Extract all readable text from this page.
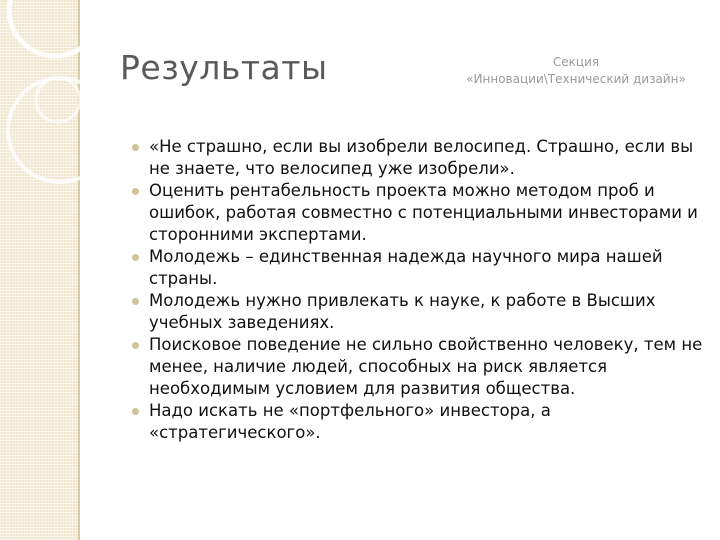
Результаты	Секция
«Инновации\Технический дизайн»
«Не страшно, если вы изобрели велосипед. Страшно, если вы не знаете, что велосипед уже изобрели».
Оценить рентабельность проекта можно методом проб и ошибок, работая совместно с потенциальными инвесторами и сторонними экспертами.
Молодежь – единственная надежда научного мира нашей страны.
Молодежь нужно привлекать к науке, к работе в Высших учебных заведениях.
Поисковое поведение не сильно свойственно человеку, тем не менее, наличие людей, способных на риск является необходимым условием для развития общества.
Надо искать не «портфельного» инвестора, а «стратегического».
